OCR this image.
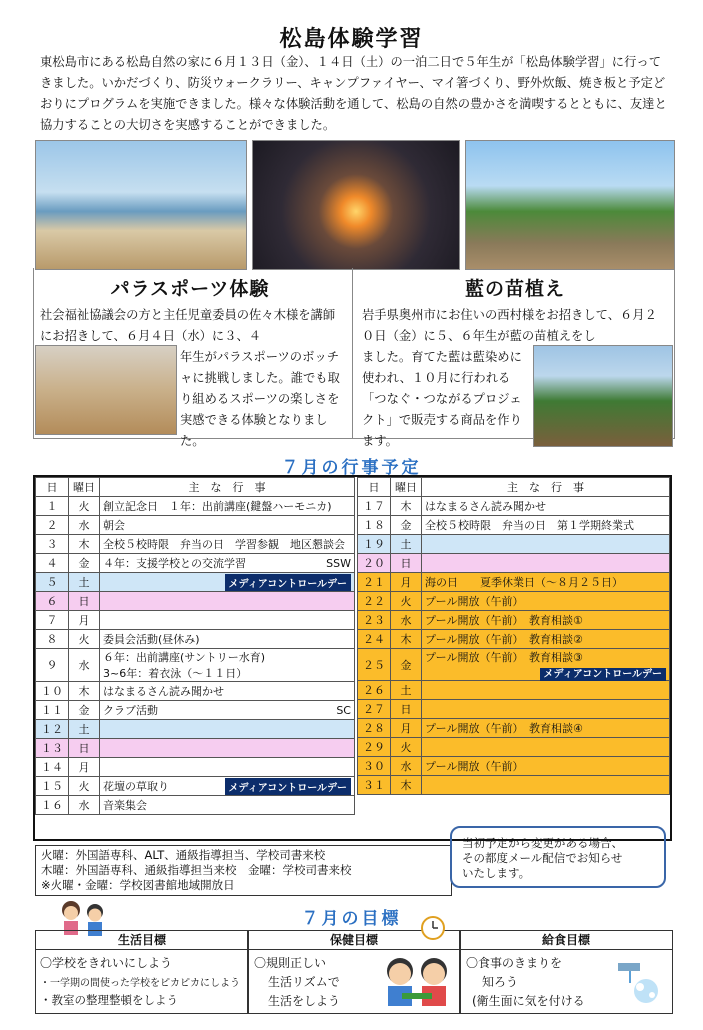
松島体験学習
東松島市にある松島自然の家に６月１３日（金）、１４日（土）の一泊二日で５年生が「松島体験学習」に行ってきました。いかだづくり、防災ウォークラリー、キャンプファイヤー、マイ箸づくり、野外炊飯、焼き板と予定どおりにプログラムを実施できました。様々な体験活動を通して、松島の自然の豊かさを満喫するとともに、友達と協力することの大切さを実感することができました。
パラスポーツ体験
社会福祉協議会の方と主任児童委員の佐々木様を講師にお招きして、６月４日（水）に３、４
年生がパラスポーツのボッチャに挑戦しました。誰でも取り組めるスポーツの楽しさを実感できる体験となりました。
藍の苗植え
岩手県奥州市にお住いの西村様をお招きして、６月２０日（金）に５、６年生が藍の苗植えをし
ました。育てた藍は藍染めに使われ、１０月に行われる「つなぐ・つながるプロジェクト」で販売する商品を作ります。
７月の行事予定
日	曜日	主　な　行　事
１	火	創立記念日　１年：出前講座(鍵盤ハーモニカ)

２	水	朝会

３	木	全校５校時限　弁当の日　学習参観　地区懇談会

４	金	４年：支援学校との交流学習 SSW

５	土	メディアコントロールデー

６	日	

７	月	

８	火	委員会活動(昼休み)

９	水	６年：出前講座(サントリー水育)
3~6年：着衣泳（～１１日）

１０	木	はなまるさん読み聞かせ

１１	金	クラブ活動 SC

１２	土	

１３	日	

１４	月	

１５	火	花壇の草取り メディアコントロールデー

１６	水	音楽集会
日	曜日	主　な　行　事
１７	木	はなまるさん読み聞かせ

１８	金	全校５校時限　弁当の日　第１学期終業式

１９	土	

２０	日	

２１	月	海の日　　夏季休業日（～８月２５日）

２２	火	プール開放（午前）

２３	水	プール開放（午前）　教育相談①

２４	木	プール開放（午前）　教育相談②

２５	金	プール開放（午前）　教育相談③
メディアコントロールデー

２６	土	

２７	日	

２８	月	プール開放（午前）　教育相談④

２９	火	

３０	水	プール開放（午前）

３１	木	
火曜：外国語専科、ALT、通級指導担当、学校司書来校
木曜：外国語専科、通級指導担当来校　金曜：学校司書来校
※火曜・金曜：学校図書館地域開放日
当初予定から変更がある場合、
その都度メール配信でお知らせ
いたします。
７月の目標
生活目標
〇学校をきれいにしよう
・一学期の間使った学校をピカピカにしよう
・教室の整理整頓をしよう
保健目標
〇規則正しい
生活リズムで
生活をしよう
給食目標
〇食事のきまりを
知ろう
(衛生面に気を付ける
